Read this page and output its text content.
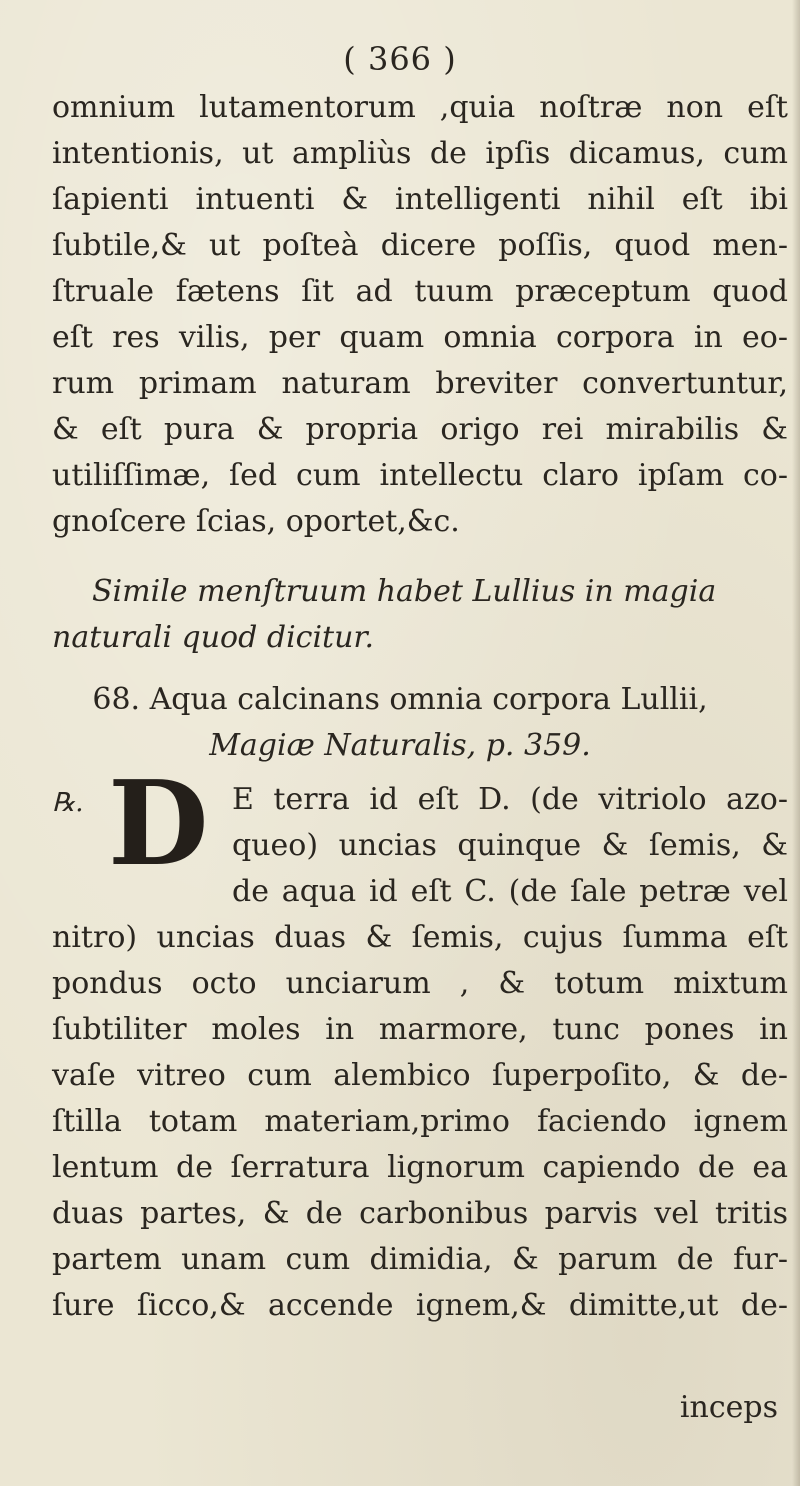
( 366 )
omnium lutamentorum ,quia noſtræ non eſt
intentionis, ut ampliùs de ipſis dicamus, cum
ſapienti intuenti & intelligenti nihil eſt ibi
ſubtile,& ut poſteà dicere poſſis, quod men-
ſtruale fætens ſit ad tuum præceptum quod
eſt res vilis, per quam omnia corpora in eo-
rum primam naturam breviter convertuntur,
& eſt pura & propria origo rei mirabilis &
utiliſſimæ, ſed cum intellectu claro ipſam co-
gnoſcere ſcias, oportet,&c.
Simile menſtruum habet Lullius in magia
naturali quod dicitur.
68. Aqua calcinans omnia corpora Lullii,
Magiæ Naturalis, p. 359.
℞. D E terra id eſt D. (de vitriolo azo-
queo) uncias quinque & ſemis, &
de aqua id eſt C. (de ſale petræ vel
nitro) uncias duas & ſemis, cujus ſumma eſt
pondus octo unciarum , & totum mixtum
ſubtiliter moles in marmore, tunc pones in
vaſe vitreo cum alembico ſuperpoſito, & de-
ſtilla totam materiam,primo faciendo ignem
lentum de ſerratura lignorum capiendo de ea
duas partes, & de carbonibus parvis vel tritis
partem unam cum dimidia, & parum de fur-
ſure ſicco,& accende ignem,& dimitte,ut de-
inceps
